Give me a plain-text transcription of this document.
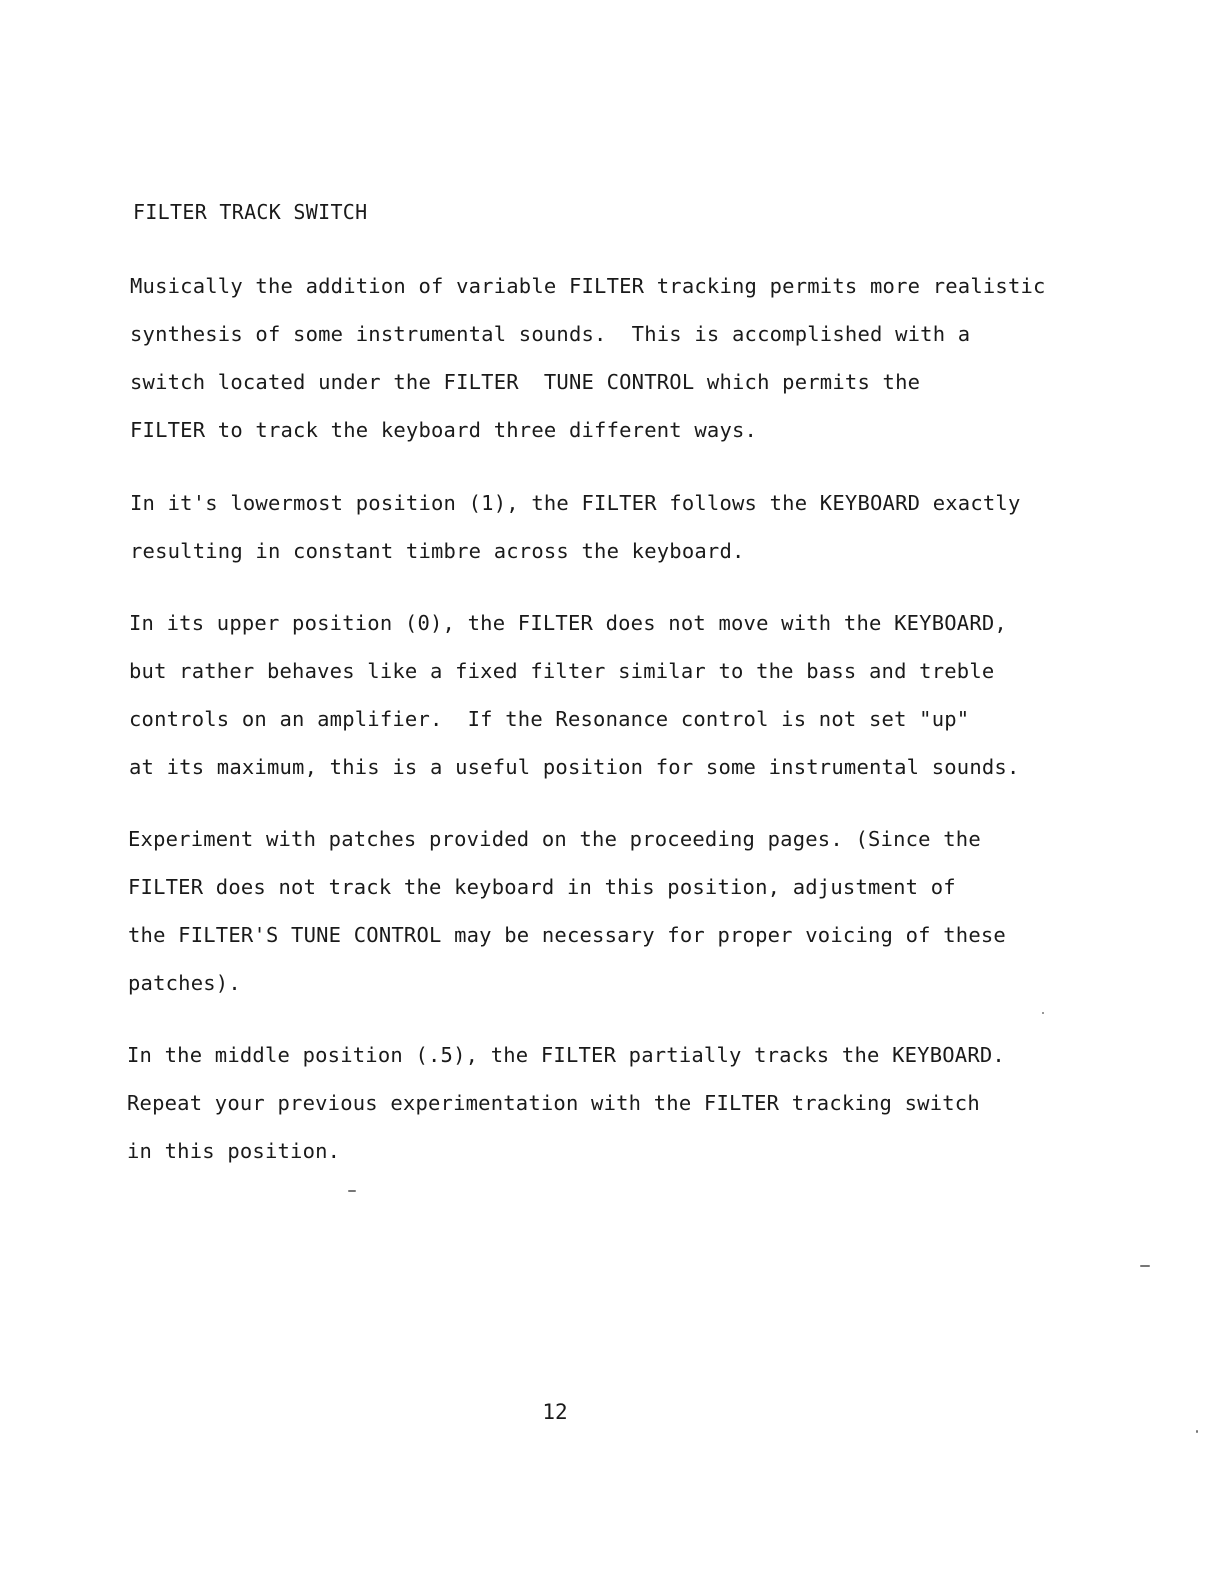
FILTER TRACK SWITCH
Musically the addition of variable FILTER tracking permits more realistic
synthesis of some instrumental sounds.  This is accomplished with a
switch located under the FILTER  TUNE CONTROL which permits the
FILTER to track the keyboard three different ways.
In it's lowermost position (1), the FILTER follows the KEYBOARD exactly
resulting in constant timbre across the keyboard.
In its upper position (0), the FILTER does not move with the KEYBOARD,
but rather behaves like a fixed filter similar to the bass and treble
controls on an amplifier.  If the Resonance control is not set "up"
at its maximum, this is a useful position for some instrumental sounds.
Experiment with patches provided on the proceeding pages. (Since the
FILTER does not track the keyboard in this position, adjustment of
the FILTER'S TUNE CONTROL may be necessary for proper voicing of these
patches).
In the middle position (.5), the FILTER partially tracks the KEYBOARD.
Repeat your previous experimentation with the FILTER tracking switch
in this position.
12
